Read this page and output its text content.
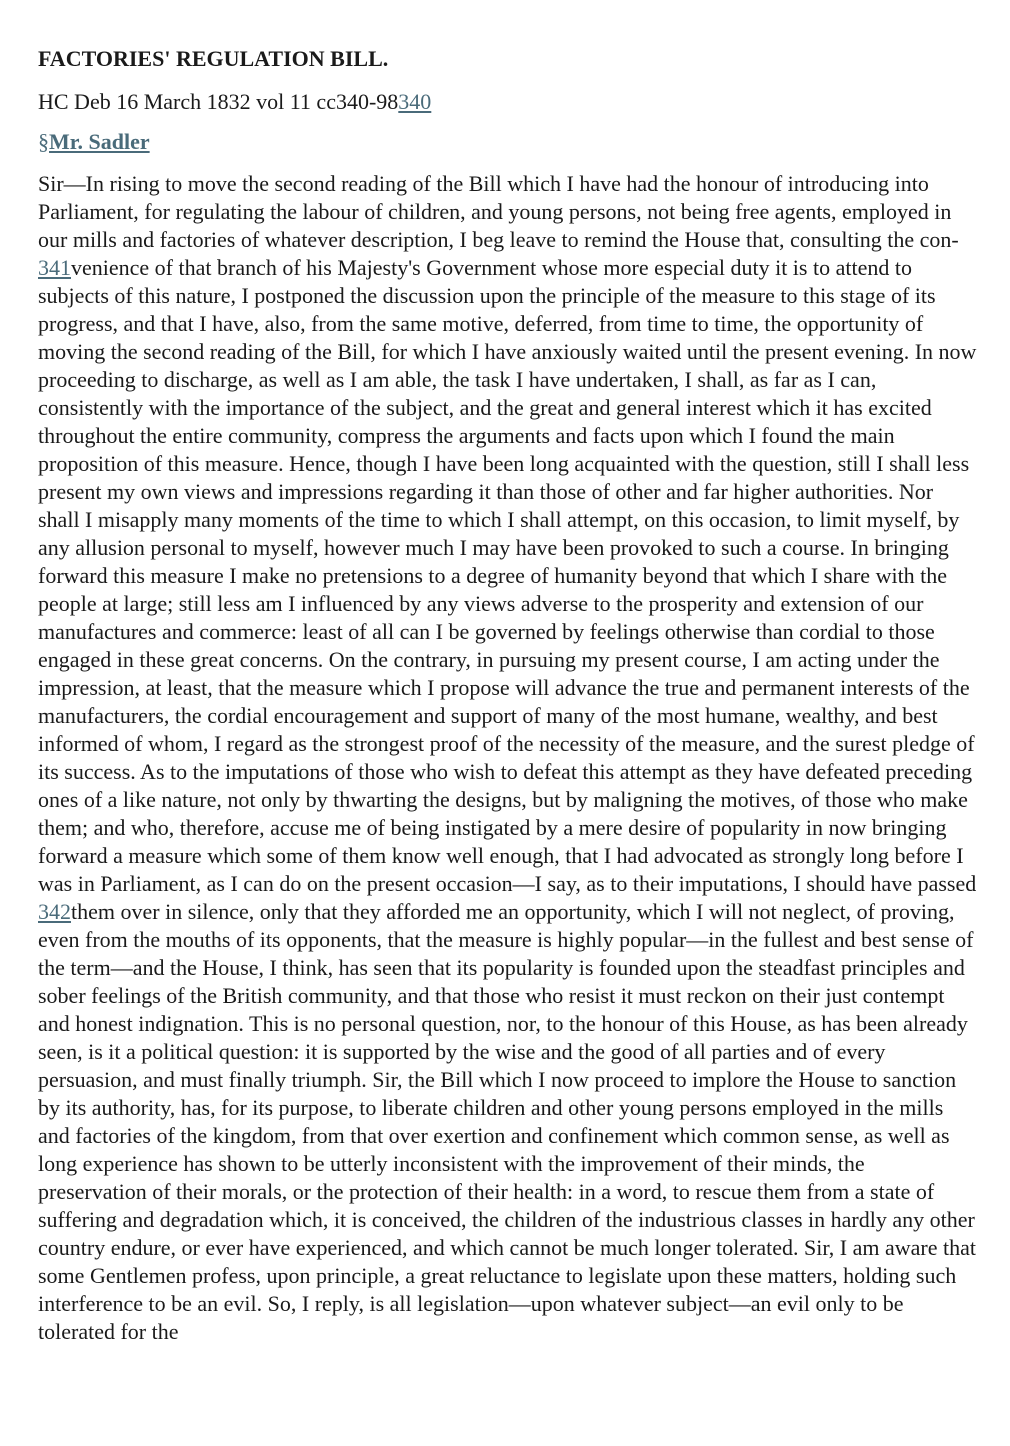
FACTORIES' REGULATION BILL.
HC Deb 16 March 1832 vol 11 cc340-98340
§Mr. Sadler

Sir—In rising to move the second reading of the Bill which I have had the honour of introducing into Parliament, for regulating the labour of children, and young persons, not being free agents, employed in our mills and factories of whatever description, I beg leave to remind the House that, consulting the con- 341venience of that branch of his Majesty's Government whose more especial duty it is to attend to subjects of this nature, I postponed the discussion upon the principle of the measure to this stage of its progress, and that I have, also, from the same motive, deferred, from time to time, the opportunity of moving the second reading of the Bill, for which I have anxiously waited until the present evening. In now proceeding to discharge, as well as I am able, the task I have undertaken, I shall, as far as I can, consistently with the importance of the subject, and the great and general interest which it has excited throughout the entire community, compress the arguments and facts upon which I found the main proposition of this measure. Hence, though I have been long acquainted with the question, still I shall less present my own views and impressions regarding it than those of other and far higher authorities. Nor shall I misapply many moments of the time to which I shall attempt, on this occasion, to limit myself, by any allusion personal to myself, however much I may have been provoked to such a course. In bringing forward this measure I make no pretensions to a degree of humanity beyond that which I share with the people at large; still less am I influenced by any views adverse to the prosperity and extension of our manufactures and commerce: least of all can I be governed by feelings otherwise than cordial to those engaged in these great concerns. On the contrary, in pursuing my present course, I am acting under the impression, at least, that the measure which I propose will advance the true and permanent interests of the manufacturers, the cordial encouragement and support of many of the most humane, wealthy, and best informed of whom, I regard as the strongest proof of the necessity of the measure, and the surest pledge of its success. As to the imputations of those who wish to defeat this attempt as they have defeated preceding ones of a like nature, not only by thwarting the designs, but by maligning the motives, of those who make them; and who, therefore, accuse me of being instigated by a mere desire of popularity in now bringing forward a measure which some of them know well enough, that I had advocated as strongly long before I was in Parliament, as I can do on the present occasion—I say, as to their imputations, I should have passed 342them over in silence, only that they afforded me an opportunity, which I will not neglect, of proving, even from the mouths of its opponents, that the measure is highly popular—in the fullest and best sense of the term—and the House, I think, has seen that its popularity is founded upon the steadfast principles and sober feelings of the British community, and that those who resist it must reckon on their just contempt and honest indignation. This is no personal question, nor, to the honour of this House, as has been already seen, is it a political question: it is supported by the wise and the good of all parties and of every persuasion, and must finally triumph. Sir, the Bill which I now proceed to implore the House to sanction by its authority, has, for its purpose, to liberate children and other young persons employed in the mills and factories of the kingdom, from that over exertion and confinement which common sense, as well as long experience has shown to be utterly inconsistent with the improvement of their minds, the preservation of their morals, or the protection of their health: in a word, to rescue them from a state of suffering and degradation which, it is conceived, the children of the industrious classes in hardly any other country endure, or ever have experienced, and which cannot be much longer tolerated. Sir, I am aware that some Gentlemen profess, upon principle, a great reluctance to legislate upon these matters, holding such interference to be an evil. So, I reply, is all legislation—upon whatever subject—an evil only to be tolerated for the
